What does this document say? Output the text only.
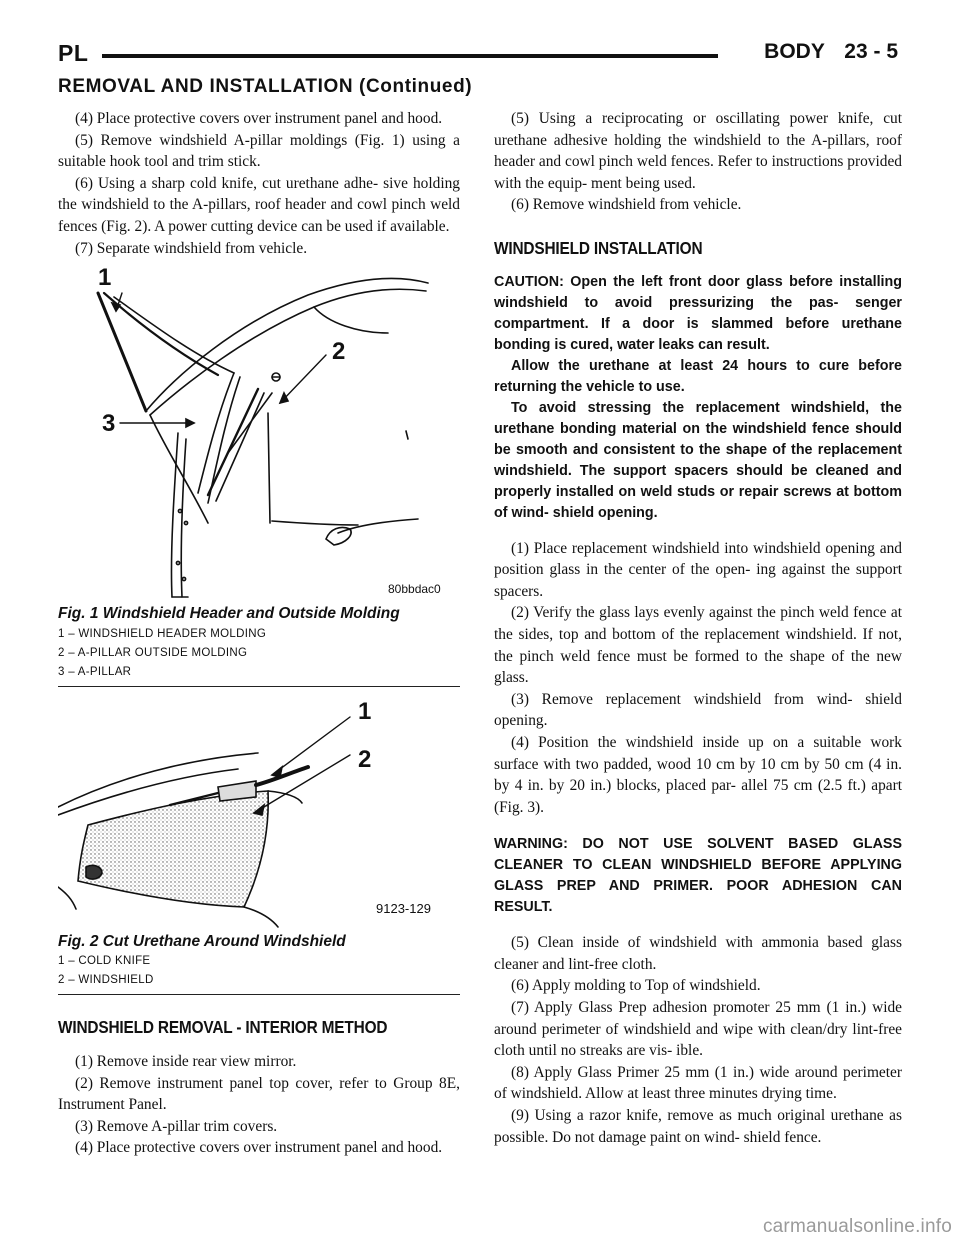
PL	BODY 23 - 5
REMOVAL AND INSTALLATION (Continued)

(4) Place protective covers over instrument panel and hood.

(5) Remove windshield A-pillar moldings (Fig. 1) using a suitable hook tool and trim stick.

(6) Using a sharp cold knife, cut urethane adhe- sive holding the windshield to the A-pillars, roof header and cowl pinch weld fences (Fig. 2). A power cutting device can be used if available.

(7) Separate windshield from vehicle.

1
2
3
80bbdac0
Fig. 1 Windshield Header and Outside Molding
1 – WINDSHIELD HEADER MOLDING
2 – A-PILLAR OUTSIDE MOLDING
3 – A-PILLAR
1
2
9123-129
Fig. 2 Cut Urethane Around Windshield
1 – COLD KNIFE
2 – WINDSHIELD
WINDSHIELD REMOVAL - INTERIOR METHOD

(1) Remove inside rear view mirror.

(2) Remove instrument panel top cover, refer to Group 8E, Instrument Panel.

(3) Remove A-pillar trim covers.

(4) Place protective covers over instrument panel and hood.

(5) Using a reciprocating or oscillating power knife, cut urethane adhesive holding the windshield to the A-pillars, roof header and cowl pinch weld fences. Refer to instructions provided with the equip- ment being used.

(6) Remove windshield from vehicle.

WINDSHIELD INSTALLATION

CAUTION: Open the left front door glass before installing windshield to avoid pressurizing the pas- senger compartment. If a door is slammed before urethane bonding is cured, water leaks can result.

Allow the urethane at least 24 hours to cure before returning the vehicle to use.

To avoid stressing the replacement windshield, the urethane bonding material on the windshield fence should be smooth and consistent to the shape of the replacement windshield. The support spacers should be cleaned and properly installed on weld studs or repair screws at bottom of wind- shield opening.

(1) Place replacement windshield into windshield opening and position glass in the center of the open- ing against the support spacers.

(2) Verify the glass lays evenly against the pinch weld fence at the sides, top and bottom of the replacement windshield. If not, the pinch weld fence must be formed to the shape of the new glass.

(3) Remove replacement windshield from wind- shield opening.

(4) Position the windshield inside up on a suitable work surface with two padded, wood 10 cm by 10 cm by 50 cm (4 in. by 4 in. by 20 in.) blocks, placed par- allel 75 cm (2.5 ft.) apart (Fig. 3).

WARNING: DO NOT USE SOLVENT BASED GLASS CLEANER TO CLEAN WINDSHIELD BEFORE APPLYING GLASS PREP AND PRIMER. POOR ADHESION CAN RESULT.

(5) Clean inside of windshield with ammonia based glass cleaner and lint-free cloth.

(6) Apply molding to Top of windshield.

(7) Apply Glass Prep adhesion promoter 25 mm (1 in.) wide around perimeter of windshield and wipe with clean/dry lint-free cloth until no streaks are vis- ible.

(8) Apply Glass Primer 25 mm (1 in.) wide around perimeter of windshield. Allow at least three minutes drying time.

(9) Using a razor knife, remove as much original urethane as possible. Do not damage paint on wind- shield fence.

carmanualsonline.info
